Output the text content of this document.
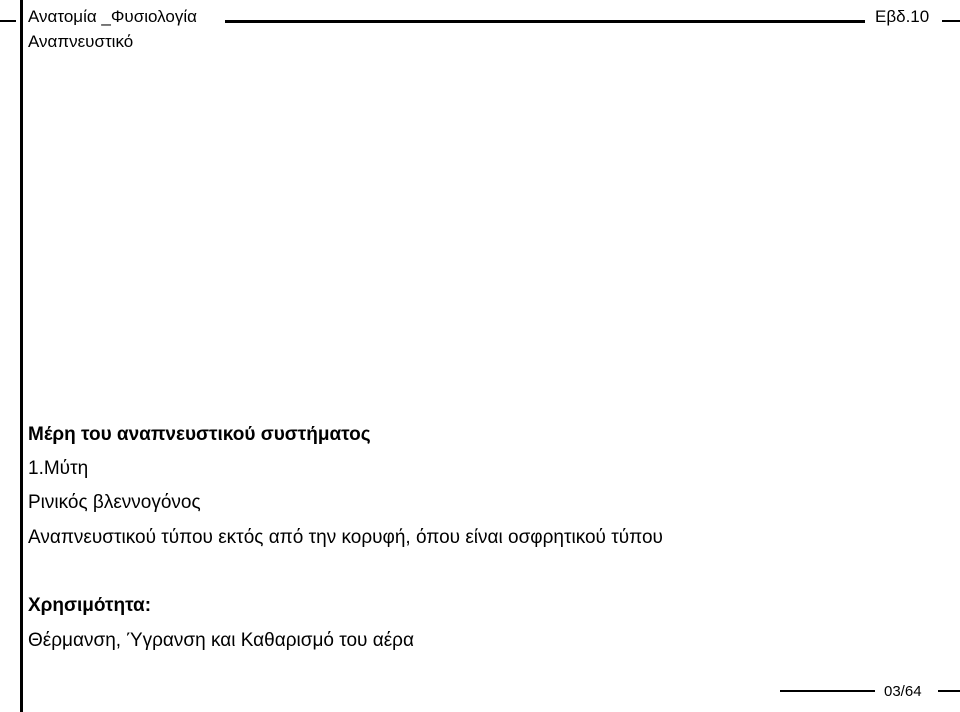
Ανατομία _Φυσιολογία
Αναπνευστικό
Εβδ.10
Μέρη του αναπνευστικού συστήματος
1.Μύτη
Ρινικός βλεννογόνος
Αναπνευστικού τύπου εκτός από την κορυφή, όπου είναι οσφρητικού τύπου
Χρησιμότητα:
Θέρμανση, Ύγρανση και Καθαρισμό του αέρα
03/64
